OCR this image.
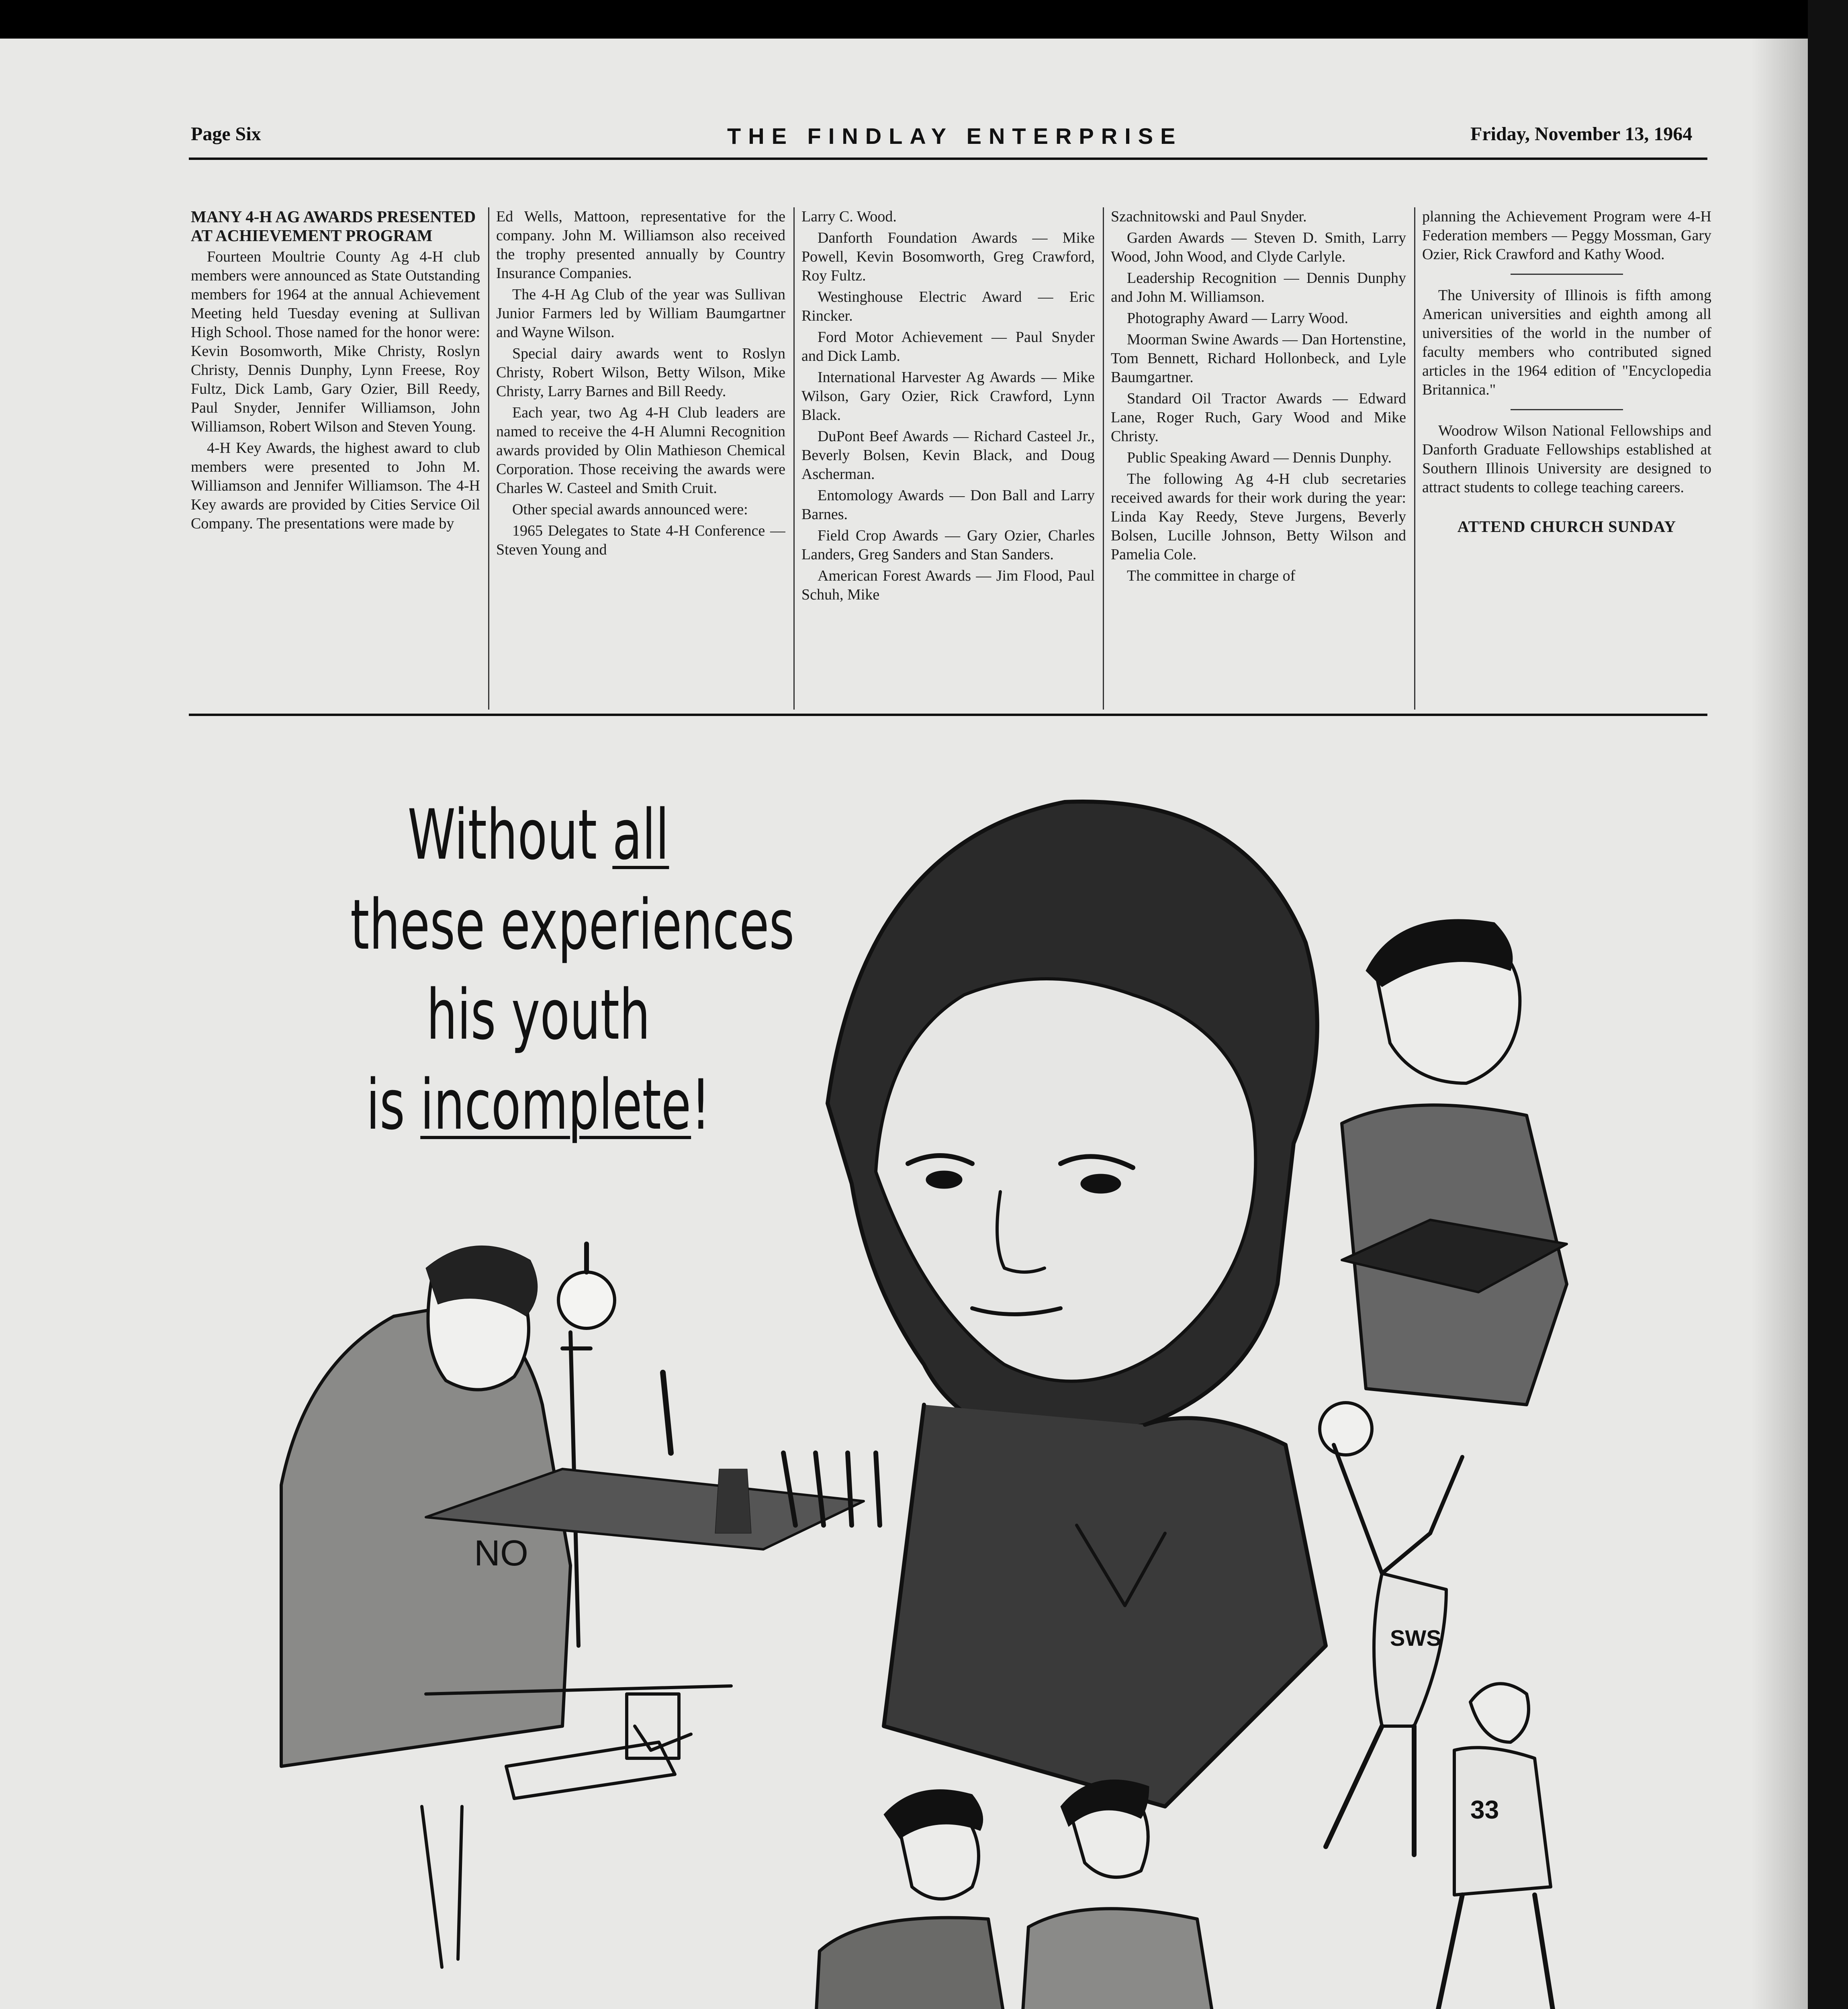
Page Six	THE FINDLAY ENTERPRISE	Friday, November 13, 1964
MANY 4-H AG AWARDS PRESENTED AT ACHIEVEMENT PROGRAM

Fourteen Moultrie County Ag 4-H club members were announced as State Outstanding members for 1964 at the annual Achievement Meeting held Tuesday evening at Sullivan High School. Those named for the honor were: Kevin Bosomworth, Mike Christy, Roslyn Christy, Dennis Dunphy, Lynn Freese, Roy Fultz, Dick Lamb, Gary Ozier, Bill Reedy, Paul Snyder, Jennifer Williamson, John Williamson, Robert Wilson and Steven Young.

4-H Key Awards, the highest award to club members were presented to John M. Williamson and Jennifer Williamson. The 4-H Key awards are provided by Cities Service Oil Company. The presentations were made by

Ed Wells, Mattoon, representative for the company. John M. Williamson also received the trophy presented annually by Country Insurance Companies.

The 4-H Ag Club of the year was Sullivan Junior Farmers led by William Baumgartner and Wayne Wilson.

Special dairy awards went to Roslyn Christy, Robert Wilson, Betty Wilson, Mike Christy, Larry Barnes and Bill Reedy.

Each year, two Ag 4-H Club leaders are named to receive the 4-H Alumni Recognition awards provided by Olin Mathieson Chemical Corporation. Those receiving the awards were Charles W. Casteel and Smith Cruit.

Other special awards announced were:

1965 Delegates to State 4-H Conference — Steven Young and

Larry C. Wood.

Danforth Foundation Awards — Mike Powell, Kevin Bosomworth, Greg Crawford, Roy Fultz.

Westinghouse Electric Award — Eric Rincker.

Ford Motor Achievement — Paul Snyder and Dick Lamb.

International Harvester Ag Awards — Mike Wilson, Gary Ozier, Rick Crawford, Lynn Black.

DuPont Beef Awards — Richard Casteel Jr., Beverly Bolsen, Kevin Black, and Doug Ascherman.

Entomology Awards — Don Ball and Larry Barnes.

Field Crop Awards — Gary Ozier, Charles Landers, Greg Sanders and Stan Sanders.

American Forest Awards — Jim Flood, Paul Schuh, Mike

Szachnitowski and Paul Snyder.

Garden Awards — Steven D. Smith, Larry Wood, John Wood, and Clyde Carlyle.

Leadership Recognition — Dennis Dunphy and John M. Williamson.

Photography Award — Larry Wood.

Moorman Swine Awards — Dan Hortenstine, Tom Bennett, Richard Hollonbeck, and Lyle Baumgartner.

Standard Oil Tractor Awards — Edward Lane, Roger Ruch, Gary Wood and Mike Christy.

Public Speaking Award — Dennis Dunphy.

The following Ag 4-H club secretaries received awards for their work during the year: Linda Kay Reedy, Steve Jurgens, Beverly Bolsen, Lucille Johnson, Betty Wilson and Pamelia Cole.

The committee in charge of

planning the Achievement Program were 4-H Federation members — Peggy Mossman, Gary Ozier, Rick Crawford and Kathy Wood.

The University of Illinois is fifth among American universities and eighth among all universities of the world in the number of faculty members who contributed signed articles in the 1964 edition of "Encyclopedia Britannica."

Woodrow Wilson National Fellowships and Danforth Graduate Fellowships established at Southern Illinois University are designed to attract students to college teaching careers.

ATTEND CHURCH SUNDAY
Without all
these experiences
his youth
is incomplete!
NO
SWS
33
